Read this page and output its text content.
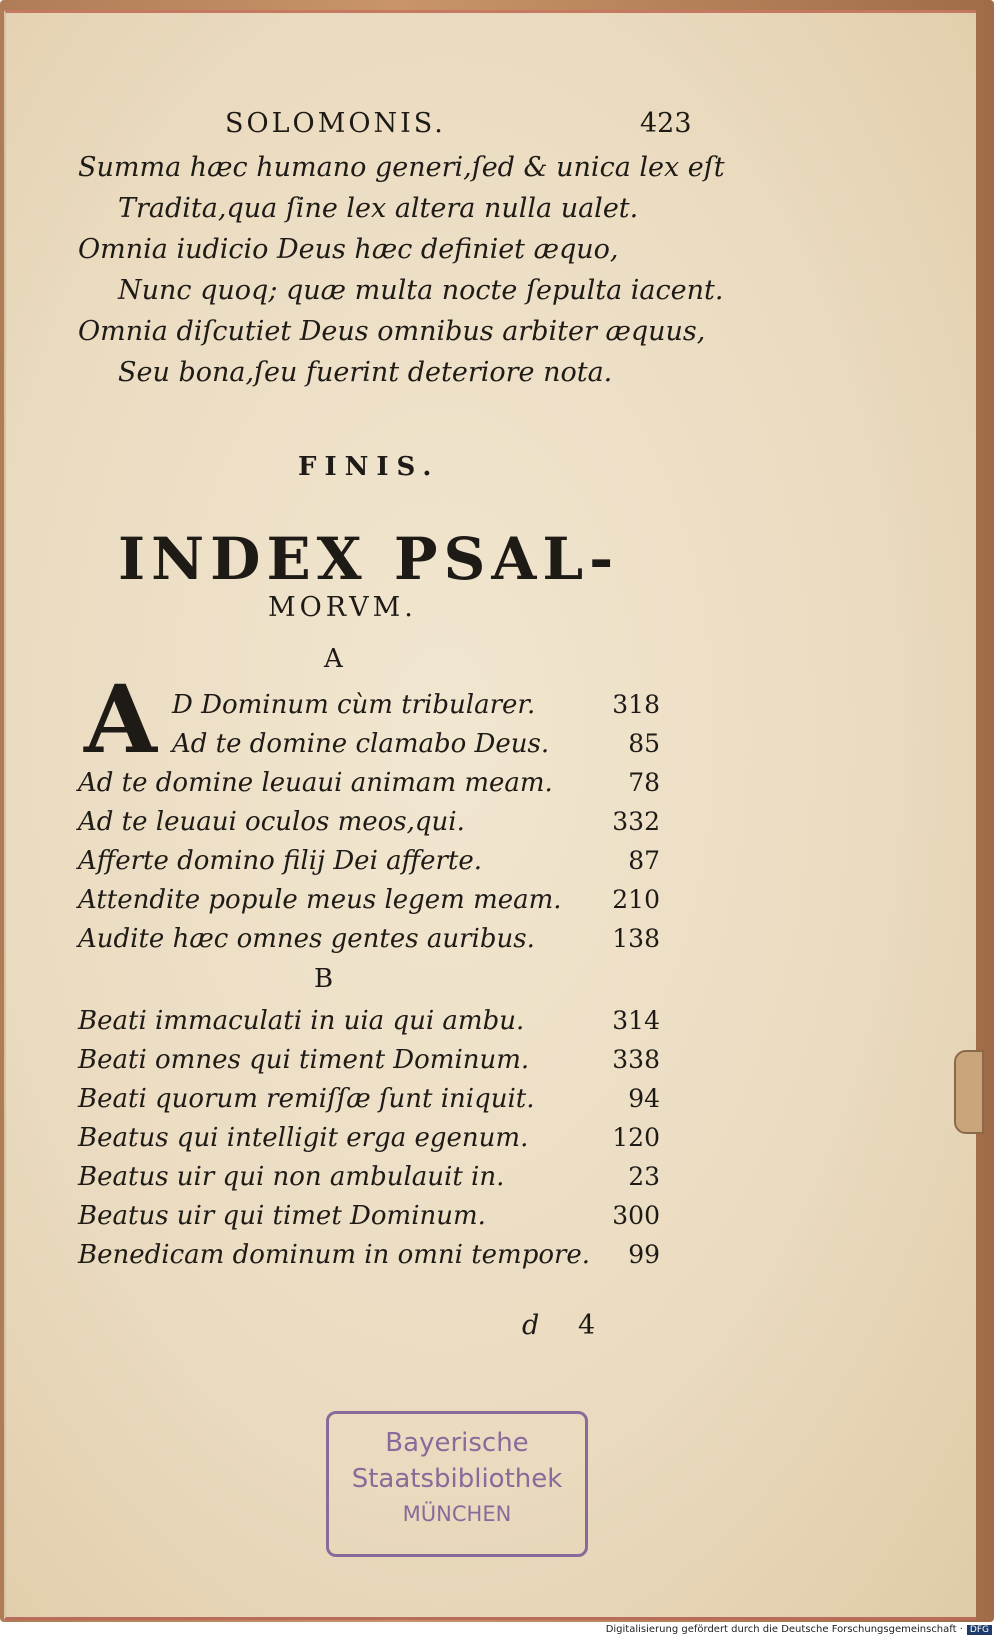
SOLOMONIS.	423
Summa hæc humano generi,ſed & unica lex eſt
Tradita,qua ſine lex altera nulla ualet.
Omnia iudicio Deus hæc definiet æquo,
Nunc quoq; quæ multa nocte ſepulta iacent.
Omnia diſcutiet Deus omnibus arbiter æquus,
Seu bona,ſeu fuerint deteriore nota.
FINIS.
INDEX PSAL-
MORVM.
A
A D Dominum cùm tribularer.	318
Ad te domine clamabo Deus.	85
Ad te domine leuaui animam meam.	78
Ad te leuaui oculos meos,qui.	332
Afferte domino filij Dei afferte.	87
Attendite popule meus legem meam.	210
Audite hæc omnes gentes auribus.	138
B
Beati immaculati in uia qui ambu.	314
Beati omnes qui timent Dominum.	338
Beati quorum remiſſæ ſunt iniquit.	94
Beatus qui intelligit erga egenum.	120
Beatus uir qui non ambulauit in.	23
Beatus uir qui timet Dominum.	300
Benedicam dominum in omni tempore.	99
d 4
Bayerische
Staatsbibliothek
MÜNCHEN
Digitalisierung gefördert durch die Deutsche Forschungsgemeinschaft · DFG
